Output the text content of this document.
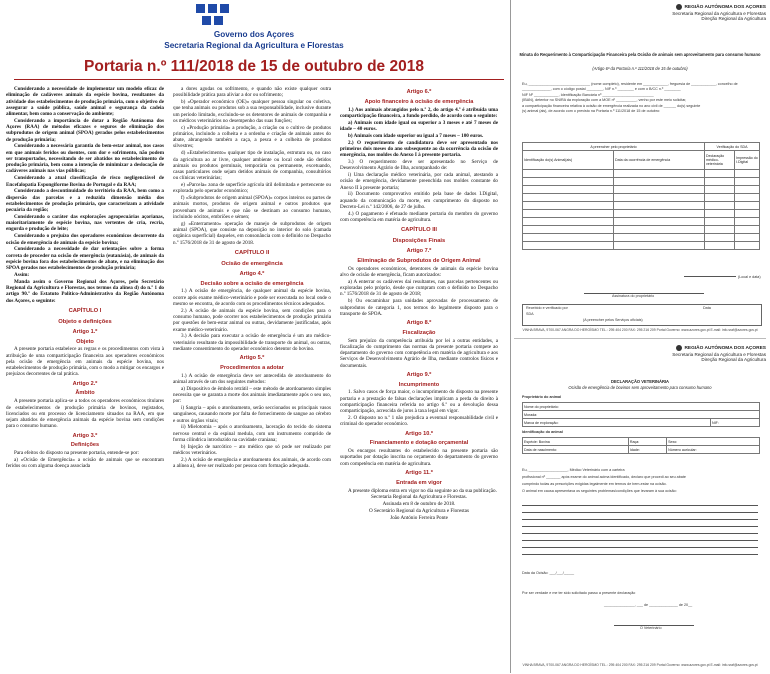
Governo dos Açores
Secretaria Regional da Agricultura e Florestas
Portaria n.º 111/2018 de 15 de outubro de 2018
Considerando a necessidade de implementar um modelo eficaz de eliminação de cadáveres animais da espécie bovina, resultantes da atividade dos estabelecimentos de produção primária, com o objetivo de assegurar a saúde pública, saúde animal e segurança da cadeia alimentar, bem como a conservação do ambiente;
Considerando a importância de dotar a Região Autónoma dos Açores (RAA) de métodos eficazes e seguros de eliminação dos subprodutos de origem animal (SPOA) gerados pelos estabelecimentos de produção primária;
Considerando a necessária garantia do bem-estar animal, nos casos em que animais feridos ou doentes, com dor e sofrimento, não podem ser transportados, necessitando de ser abatidos no estabelecimento de produção primária, bem como a intenção de minimizar a deslocação de cadáveres animais nas vias públicas;
Considerando a atual classificação de risco negligenciável de Encefalopatia Espongiforme Bovina de Portugal e da RAA;
Considerando a descontinuidade do território da RAA, bem como a dispersão das parcelas e a reduzida dimensão média dos estabelecimentos de produção primária, que caracterizam a atividade pecuária da região;
Considerando o caráter das explorações agropecuárias açorianas, maioritariamente de espécie bovina, nas vertentes de cria, recria, engorda e produção de leite;
Considerando o prejuízo dos operadores económicos decorrente da ocisão de emergência de animais da espécie bovina;
Considerando a necessidade de dar orientações sobre a forma correta de proceder na ocisão de emergência (eutanásia), de animais da espécie bovina fora dos estabelecimentos de abate, e na eliminação dos SPOA gerados nos estabelecimentos de produção primária;
Assim:
Manda assim o Governo Regional dos Açores, pelo Secretário Regional da Agricultura e Florestas, nos termos da alínea d) do n.º 1 do artigo 90.º do Estatuto Político-Administrativo da Região Autónoma dos Açores, o seguinte:
CAPÍTULO I
Objeto e definições
Artigo 1.º
Objeto
A presente portaria estabelece as regras e os procedimentos com vista à atribuição de uma comparticipação financeira aos operadores económicos pela ocisão de emergência em animais da espécie bovina, nos estabelecimentos de produção primária, com o modo a mitigar os encargos e prejuízos decorrentes de tal prática.
Artigo 2.º
Âmbito
A presente portaria aplica-se a todos os operadores económicos titulares de estabelecimentos de produção primária de bovinos, registados, licenciados ou em processo de licenciamento situados na RAA, em que sejam abatidos de emergência animais da espécie bovina sem condições para o consumo humano.
Artigo 3.º
Definições
Para efeitos do disposto na presente portaria, entende-se por:
a) «Ocisão de Emergência» a ocisão de animais que se encontram feridos ou com alguma doença associada
a dores agudas ou sofrimento, e quando não existe qualquer outra possibilidade prática para aliviar a dor ou sofrimento;
b) «Operador económico (OE)» qualquer pessoa singular ou coletiva, que tenha animais ou produtos sob a sua responsabilidade, inclusive durante um período limitado, excluindo-se os detentores de animais de companhia e os médicos veterinários no desempenho das suas funções;
c) «Produção primária» a produção, a criação ou o cultivo de produtos primários, incluindo a colheita e a ordenha e criação de animais antes do abate, abrangendo também a caça, a pesca e a colheita de produtos silvestres;
d) «Estabelecimento» qualquer tipo de instalação, estrutura ou, no caso da agricultura ao ar livre, qualquer ambiente ou local onde são detidos animais ou produtos germinais, temporária ou permanente, excetuando, casas particulares onde sejam detidos animais de companhia, consultórios ou clínicas veterinárias;
e) «Parcela» zona de superfície agrícola útil delimitada e pertencente ou explorada pelo operador económico;
f) «Subprodutos de origem animal (SPOA)» corpos inteiros ou partes de animais mortos, produtos de origem animal e outros produtos que provenham de animais e que não se destinam ao consumo humano, incluindo oócitos, embriões e sémen;
g) «Enterramento» operação de manejo de subprodutos de origem animal (SPOA), que consiste na deposição no interior do solo (camada orgânica superficial) daqueles, em consonância com o definido no Despacho n.º 1576/2018 de 31 de agosto de 2018.
CAPÍTULO II
Ocisão de emergência
Artigo 4.º
Decisão sobre a ocisão de emergência
1.) A ocisão de emergência, de qualquer animal da espécie bovina, ocorre após exame médico-veterinário e pode ser executada no local onde o mesmo se encontra, de acordo com os procedimentos técnicos adequados.
2.) A ocisão de animais da espécie bovina, sem condições para o consumo humano, pode ocorrer nos estabelecimentos de produção primária por questões de bem-estar animal ou outras, devidamente justificadas, após exame médico-veterinário.
3.) A decisão para executar a ocisão de emergência é um ato médico-veterinário resultante da impossibilidade de transporte do animal, ou outras, mediante consentimento do operador económico detentor do bovino.
Artigo 5.º
Procedimentos a adotar
1.) A ocisão de emergência deve ser antecedida de atordoamento do animal através de um dos seguintes métodos:
a) Dispositivo de êmbolo retrátil – este método de atordoamento simples necessita que se garanta a morte dos animais imediatamente após o seu uso, por:
i) Sangria – após o atordoamento, serão seccionados os principais vasos sanguíneos, causando morte por falta de fornecimento de sangue ao cérebro e outros órgãos vitais;
ii) Mielotomia – após o atordoamento, laceração do tecido do sistema nervoso central e da espinal medula, com um instrumento comprido de forma cilíndrica introduzido na cavidade craniana;
b) Injeção de narcótico – ato médico que só pode ser realizado por médicos veterinários.
2.) A ocisão de emergência e atordoamento dos animais, de acordo com a alínea a), deve ser realizado por pessoa com formação adequada.
Artigo 6.º
Apoio financeiro à ocisão de emergência
1.) Aos animais abrangidos pelo n.º 2, do artigo 4.º é atribuída uma comparticipação financeira, a fundo perdido, de acordo com o seguinte:
a) Animais com idade igual ou superior a 3 meses e até 7 meses de idade – 40 euros.
b) Animais com idade superior ou igual a 7 meses – 100 euros.
2.) O requerimento de candidatura deve ser apresentado nos primeiros dois meses do ano subsequente ao da ocorrência da ocisão de emergência, nos moldes do Anexo I à presente portaria.
3.) O requerimento deve ser apresentado no Serviço de Desenvolvimento Agrário de Ilha, acompanhado de:
i) Uma declaração médico veterinária, por cada animal, atestando a ocisão de emergência, devidamente preenchida nos moldes constante do Anexo II à presente portaria;
ii) Documento comprovativo emitido pela base de dados I.Digital, aquando da comunicação da morte, em cumprimento do disposto no Decreto-Lei n.º 142/2006, de 27 de julho.
4.) O pagamento é efetuado mediante portaria do membro do governo com competência em matéria de agricultura.
CAPÍTULO III
Disposições Finais
Artigo 7.º
Eliminação de Subprodutos de Origem Animal
Os operadores económicos, detentores de animais da espécie bovina alvo de ocisão de emergência, ficam autorizados:
a) A enterrar os cadáveres daí resultantes, nas parcelas pertencentes ou exploradas pelo próprio, desde que cumpram com o definido no Despacho n.º 1576/2018 de 31 de agosto de 2018;
b) Ou encaminhar para unidades aprovadas de processamento de subprodutos de categoria 1, nos termos do legalmente disposto para o transporte de SPOA.
Artigo 8.º
Fiscalização
Sem prejuízo da competência atribuída por lei a outras entidades, a fiscalização do cumprimento das normas da presente portaria compete ao departamento do governo com competência em matéria de agricultura e aos Serviços de Desenvolvimento Agrário de Ilha, mediante controlos físicos e documentais.
Artigo 9.º
Incumprimento
1. Salvo casos de força maior, o incumprimento do disposto na presente portaria e a prestação de falsas declarações implicam a perda do direito à comparticipação financeira referida no artigo 6.º ou a devolução dessa comparticipação, acrescida de juros à taxa legal em vigor.
2. O disposto no n.º 1 não prejudica a eventual responsabilidade civil e criminal do operador económico.
Artigo 10.º
Financiamento e dotação orçamental
Os encargos resultantes do estabelecido na presente portaria são suportados por dotação inscrita no orçamento do departamento do governo com competência em matéria de agricultura.
Artigo 11.º
Entrada em vigor
A presente diploma entra em vigor no dia seguinte ao da sua publicação.
Secretaria Regional da Agricultura e Florestas.
Assinada em 8 de outubro de 2018.
O Secretário Regional da Agricultura e Florestas
João António Ferreira Ponte
REGIÃO AUTÓNOMA DOS AÇORES
Secretaria Regional da Agricultura e Florestas
Direção Regional da Agricultura
Minuta do Requerimento à Comparticipação Financeira pela Ocisão de animais sem aproveitamento para consumo humano
(Artigo 6º da Portaria n.º 111/2018 de 15 de outubro)
Eu, ______________________________ (nome completo), residente em ____________, freguesia de ____________, concelho de ______________, com o código postal ________, NIF n.º ________ e com o B/CC n.º ________
NIF Nº ____________, Identificação Bancária nº _________________________
(IBAN), detentor no SNIRA da exploração com a MOE nº __________, venho por este meio solicitar,
a comparticipação financeira relativa à ocisão de emergência realizada no ano civil de ______ do(s) seguinte
(s) animal (ais), de acordo com o previsto na Portaria n.º 111/2018 de 15 de outubro:
A preencher pelo proprietário		Verificação do SDA	
Identificação do(s) Animal(ais)	Data da ocorrência de emergência	Declaração médico-veterinária	Impressão do I.Digital

(Local e data)
Assinatura do proprietário
Recebido e verificado por
SDA
Data
(A preencher pelos Serviços oficiais)
VINHA BRAVA, 9700-067 ANGRA DO HEROÍSMO TEL.: 295 404 200 FAX: 295 216 209 Portal Governo: www.azores.gov.pt E-mail: info.sraf@azores.gov.pt
REGIÃO AUTÓNOMA DOS AÇORES
Secretaria Regional da Agricultura e Florestas
Direção Regional da Agricultura
DECLARAÇÃO VETERINÁRIA
Ocisão de emergência de bovinos sem aproveitamento para consumo humano
Proprietário do animal
Nome do proprietário:
Morada:
Marca de exploração:	NIF:
Identificação do animal
Espécie: Bovina	Raça:	Sexo:
Data de nascimento:	Idade:	Número auricular:
Eu, ___________________, Médico Veterinário com a carteira
profissional nº _______ após exame do animal acima identificado, declaro que procedi ao seu abate
cumprindo todas as prescrições exigidas legalmente em termos de bem-estar na ocisão.
O animal em causa apresentava os seguintes problemas/condições que levaram à sua ocisão:
Data da Ocisão: ___/___/_____
Por ser verdade e me ter sido solicitado passo a presente declaração
_______________, ___ de ______________ de 20__
O Veterinário
VINHA BRAVA, 9700-067 ANGRA DO HEROÍSMO TEL.: 295 404 200 FAX: 295 216 209 Portal Governo: www.azores.gov.pt E-mail: info.sraf@azores.gov.pt
